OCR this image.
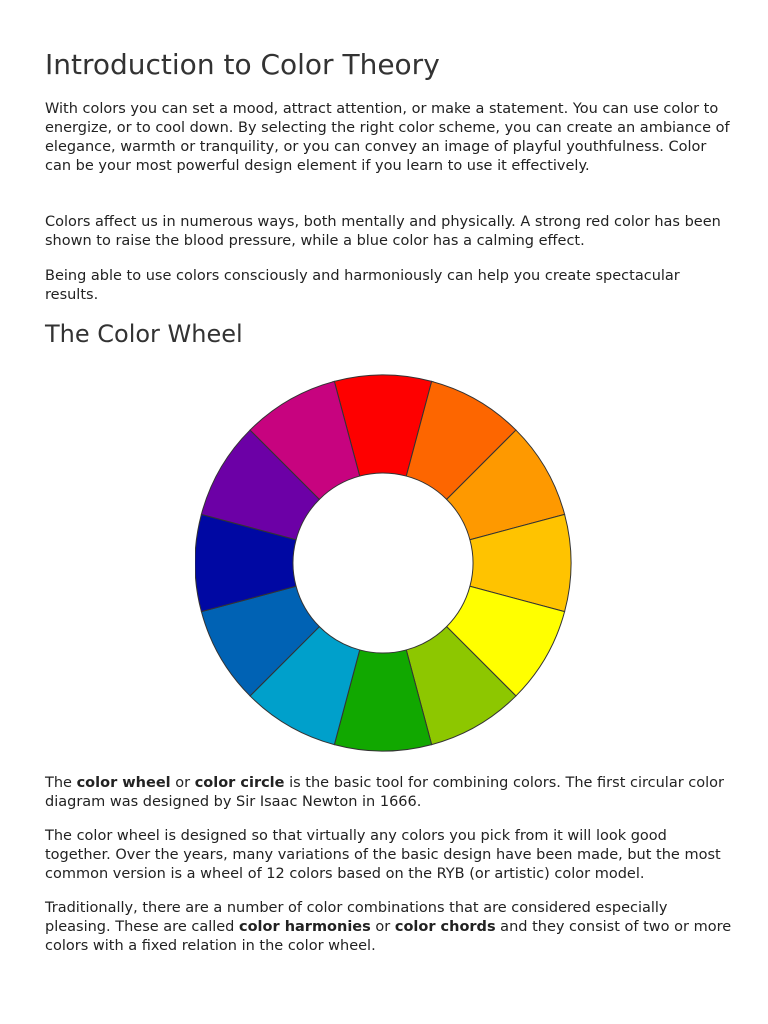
Introduction to Color Theory

With colors you can set a mood, attract attention, or make a statement. You can use color to energize, or to cool down. By selecting the right color scheme, you can create an ambiance of elegance, warmth or tranquility, or you can convey an image of playful youthfulness. Color can be your most powerful design element if you learn to use it effectively.

Colors affect us in numerous ways, both mentally and physically. A strong red color has been shown to raise the blood pressure, while a blue color has a calming effect.

Being able to use colors consciously and harmoniously can help you create spectacular results.

The Color Wheel

The color wheel or color circle is the basic tool for combining colors. The first circular color diagram was designed by Sir Isaac Newton in 1666.

The color wheel is designed so that virtually any colors you pick from it will look good together. Over the years, many variations of the basic design have been made, but the most common version is a wheel of 12 colors based on the RYB (or artistic) color model.

Traditionally, there are a number of color combinations that are considered especially pleasing. These are called color harmonies or color chords and they consist of two or more colors with a fixed relation in the color wheel.
